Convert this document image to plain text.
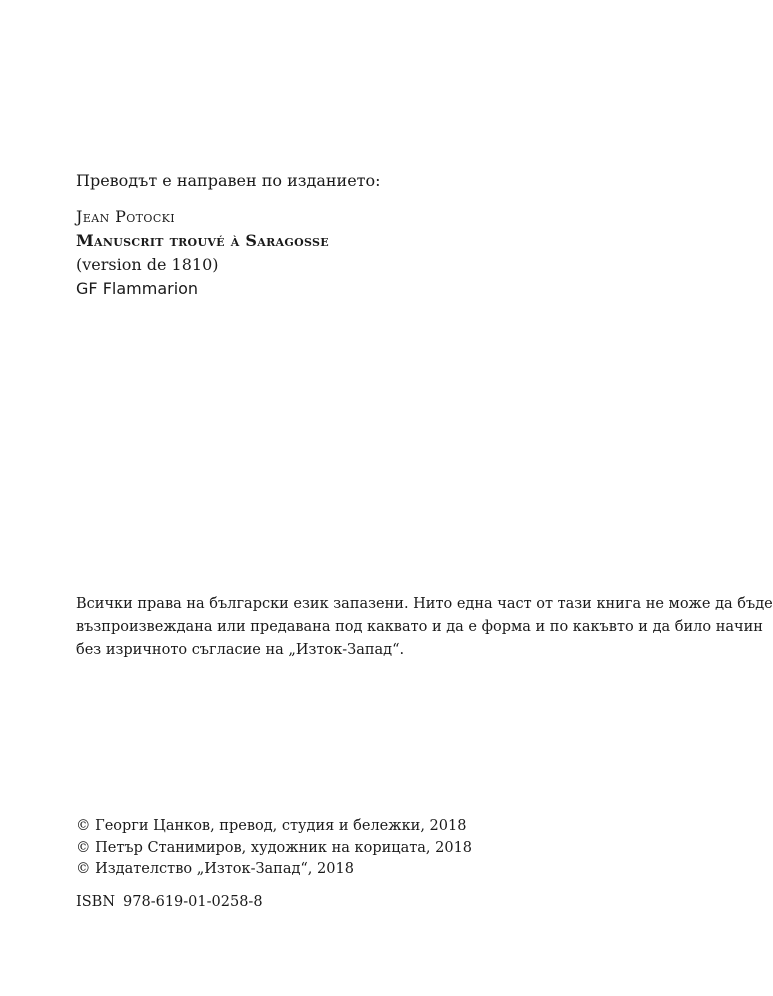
Преводът е направен по изданието:

Jean Potocki

Manuscrit trouvé à Saragosse

(version de 1810)

GF Flammarion

Всички права на български език запазени. Нито една част от тази книга не може да бъде
възпроизвеждана или предавана под каквато и да е форма и по какъвто и да било начин
без изричното съгласие на „Изток-Запад“.

© Георги Цанков, превод, студия и бележки, 2018

© Петър Станимиров, художник на корицата, 2018

© Издателство „Изток-Запад“, 2018

ISBN 978-619-01-0258-8
